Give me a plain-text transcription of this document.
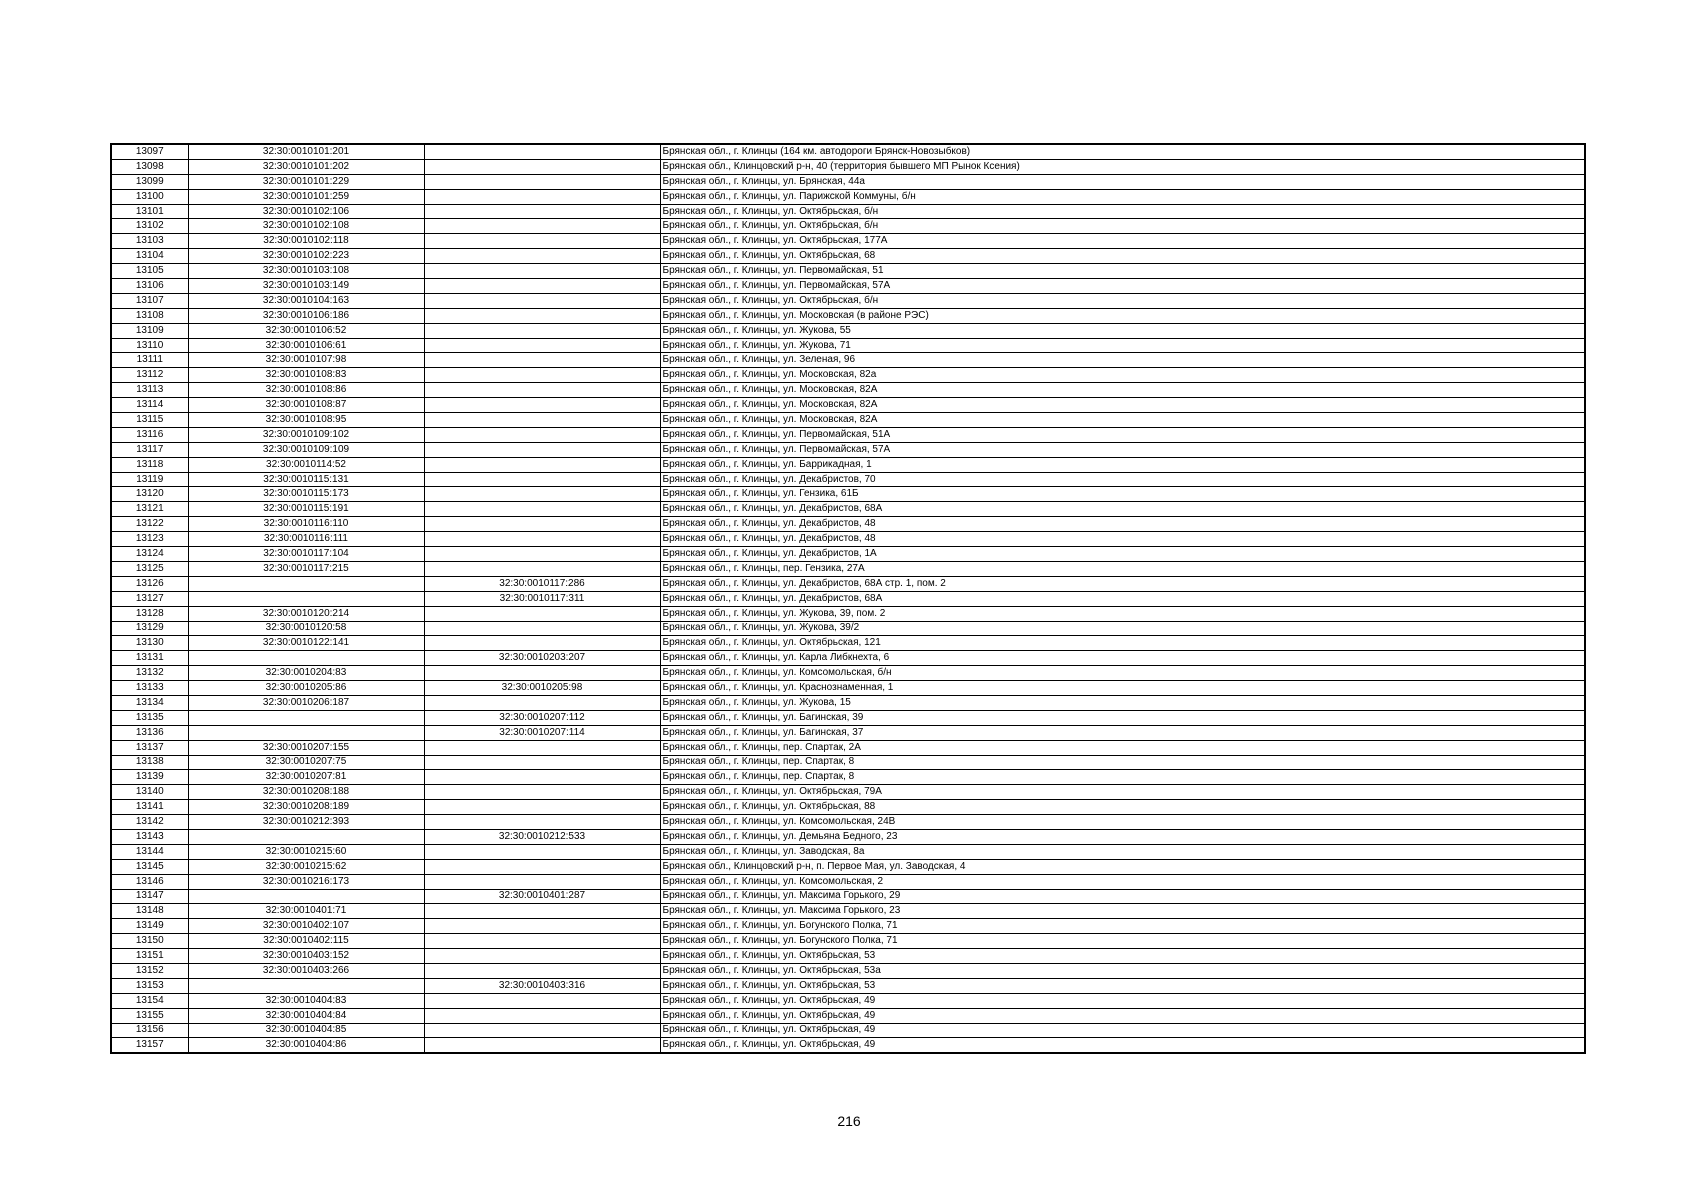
13097	32:30:0010101:201		Брянская обл., г. Клинцы (164 км. автодороги Брянск-Новозыбков)
13098	32:30:0010101:202		Брянская обл., Клинцовский р-н, 40 (территория бывшего МП Рынок Ксения)
13099	32:30:0010101:229		Брянская обл., г. Клинцы, ул. Брянская, 44а
13100	32:30:0010101:259		Брянская обл., г. Клинцы, ул. Парижской Коммуны, б/н
13101	32:30:0010102:106		Брянская обл., г. Клинцы, ул. Октябрьская, б/н
13102	32:30:0010102:108		Брянская обл., г. Клинцы, ул. Октябрьская, б/н
13103	32:30:0010102:118		Брянская обл., г. Клинцы, ул. Октябрьская, 177А
13104	32:30:0010102:223		Брянская обл., г. Клинцы, ул. Октябрьская, 68
13105	32:30:0010103:108		Брянская обл., г. Клинцы, ул. Первомайская, 51
13106	32:30:0010103:149		Брянская обл., г. Клинцы, ул. Первомайская, 57А
13107	32:30:0010104:163		Брянская обл., г. Клинцы, ул. Октябрьская, б/н
13108	32:30:0010106:186		Брянская обл., г. Клинцы, ул. Московская (в районе РЭС)
13109	32:30:0010106:52		Брянская обл., г. Клинцы, ул. Жукова, 55
13110	32:30:0010106:61		Брянская обл., г. Клинцы, ул. Жукова, 71
13111	32:30:0010107:98		Брянская обл., г. Клинцы, ул. Зеленая, 96
13112	32:30:0010108:83		Брянская обл., г. Клинцы, ул. Московская, 82а
13113	32:30:0010108:86		Брянская обл., г. Клинцы, ул. Московская, 82А
13114	32:30:0010108:87		Брянская обл., г. Клинцы, ул. Московская, 82А
13115	32:30:0010108:95		Брянская обл., г. Клинцы, ул. Московская, 82А
13116	32:30:0010109:102		Брянская обл., г. Клинцы, ул. Первомайская, 51А
13117	32:30:0010109:109		Брянская обл., г. Клинцы, ул. Первомайская, 57А
13118	32:30:0010114:52		Брянская обл., г. Клинцы, ул. Баррикадная, 1
13119	32:30:0010115:131		Брянская обл., г. Клинцы, ул. Декабристов, 70
13120	32:30:0010115:173		Брянская обл., г. Клинцы, ул. Гензика, 61Б
13121	32:30:0010115:191		Брянская обл., г. Клинцы, ул. Декабристов, 68А
13122	32:30:0010116:110		Брянская обл., г. Клинцы, ул. Декабристов, 48
13123	32:30:0010116:111		Брянская обл., г. Клинцы, ул. Декабристов, 48
13124	32:30:0010117:104		Брянская обл., г. Клинцы, ул. Декабристов, 1А
13125	32:30:0010117:215		Брянская обл., г. Клинцы, пер. Гензика, 27А
13126		32:30:0010117:286	Брянская обл., г. Клинцы, ул. Декабристов, 68А стр. 1, пом. 2
13127		32:30:0010117:311	Брянская обл., г. Клинцы, ул. Декабристов, 68А
13128	32:30:0010120:214		Брянская обл., г. Клинцы, ул. Жукова, 39, пом. 2
13129	32:30:0010120:58		Брянская обл., г. Клинцы, ул. Жукова, 39/2
13130	32:30:0010122:141		Брянская обл., г. Клинцы, ул. Октябрьская, 121
13131		32:30:0010203:207	Брянская обл., г. Клинцы, ул. Карла Либкнехта, 6
13132	32:30:0010204:83		Брянская обл., г. Клинцы, ул. Комсомольская, б/н
13133	32:30:0010205:86	32:30:0010205:98	Брянская обл., г. Клинцы, ул. Краснознаменная, 1
13134	32:30:0010206:187		Брянская обл., г. Клинцы, ул. Жукова, 15
13135		32:30:0010207:112	Брянская обл., г. Клинцы, ул. Багинская, 39
13136		32:30:0010207:114	Брянская обл., г. Клинцы, ул. Багинская, 37
13137	32:30:0010207:155		Брянская обл., г. Клинцы, пер. Спартак, 2А
13138	32:30:0010207:75		Брянская обл., г. Клинцы, пер. Спартак, 8
13139	32:30:0010207:81		Брянская обл., г. Клинцы, пер. Спартак, 8
13140	32:30:0010208:188		Брянская обл., г. Клинцы, ул. Октябрьская, 79А
13141	32:30:0010208:189		Брянская обл., г. Клинцы, ул. Октябрьская, 88
13142	32:30:0010212:393		Брянская обл., г. Клинцы, ул. Комсомольская, 24В
13143		32:30:0010212:533	Брянская обл., г. Клинцы, ул. Демьяна Бедного, 23
13144	32:30:0010215:60		Брянская обл., г. Клинцы, ул. Заводская, 8а
13145	32:30:0010215:62		Брянская обл., Клинцовский р-н, п. Первое Мая, ул. Заводская, 4
13146	32:30:0010216:173		Брянская обл., г. Клинцы, ул. Комсомольская, 2
13147		32:30:0010401:287	Брянская обл., г. Клинцы, ул. Максима Горького, 29
13148	32:30:0010401:71		Брянская обл., г. Клинцы, ул. Максима Горького, 23
13149	32:30:0010402:107		Брянская обл., г. Клинцы, ул. Богунского Полка, 71
13150	32:30:0010402:115		Брянская обл., г. Клинцы, ул. Богунского Полка, 71
13151	32:30:0010403:152		Брянская обл., г. Клинцы, ул. Октябрьская, 53
13152	32:30:0010403:266		Брянская обл., г. Клинцы, ул. Октябрьская, 53а
13153		32:30:0010403:316	Брянская обл., г. Клинцы, ул. Октябрьская, 53
13154	32:30:0010404:83		Брянская обл., г. Клинцы, ул. Октябрьская, 49
13155	32:30:0010404:84		Брянская обл., г. Клинцы, ул. Октябрьская, 49
13156	32:30:0010404:85		Брянская обл., г. Клинцы, ул. Октябрьская, 49
13157	32:30:0010404:86		Брянская обл., г. Клинцы, ул. Октябрьская, 49
216
